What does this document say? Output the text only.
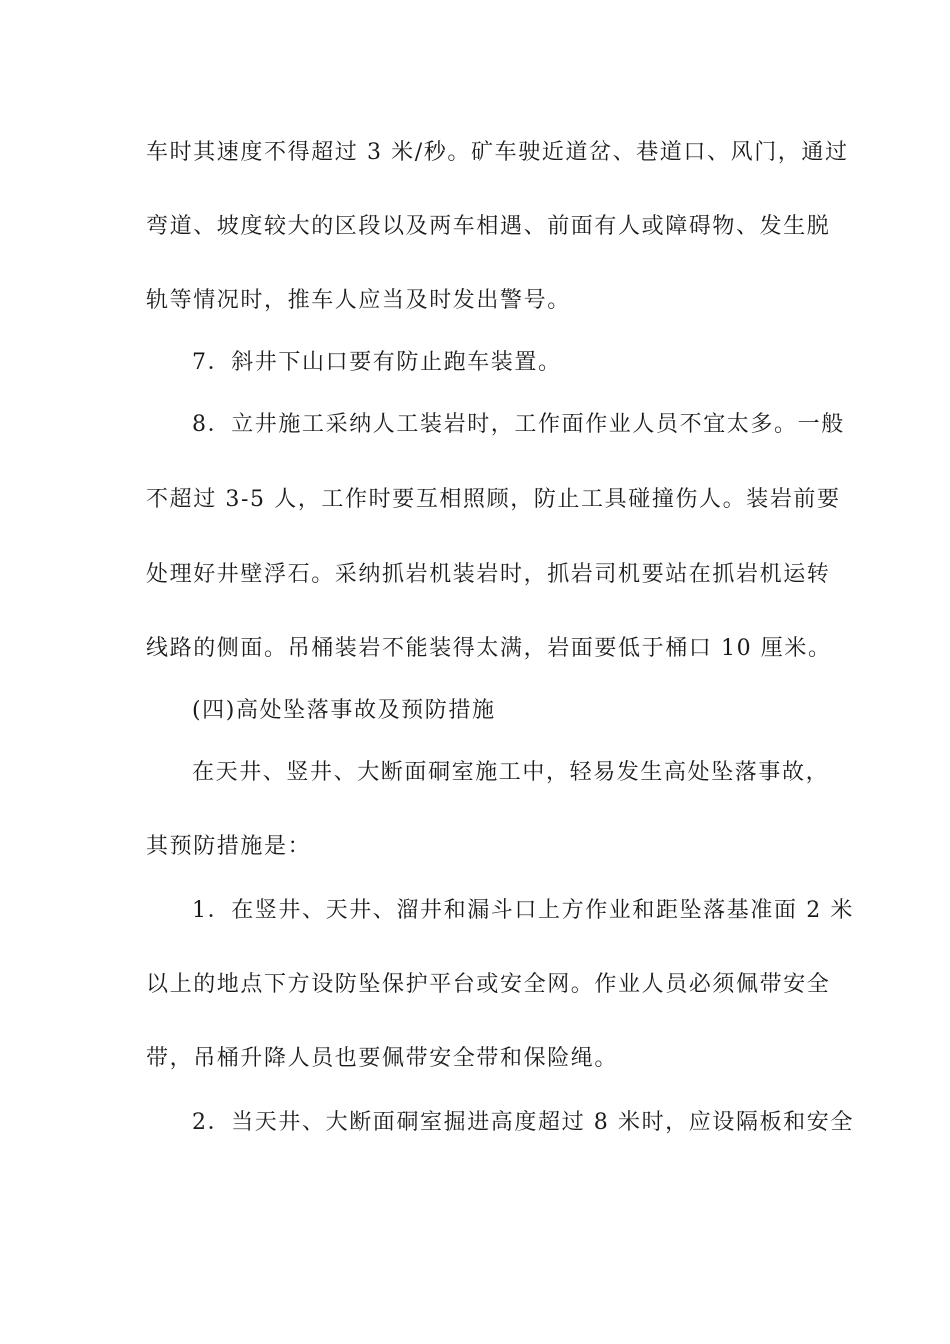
车时其速度不得超过 3 米/秒。矿车驶近道岔、巷道口、风门，通过
弯道、坡度较大的区段以及两车相遇、前面有人或障碍物、发生脱
轨等情况时，推车人应当及时发出警号。
7．斜井下山口要有防止跑车装置。
8．立井施工采纳人工装岩时，工作面作业人员不宜太多。一般
不超过 3-5 人，工作时要互相照顾，防止工具碰撞伤人。装岩前要
处理好井壁浮石。采纳抓岩机装岩时，抓岩司机要站在抓岩机运转
线路的侧面。吊桶装岩不能装得太满，岩面要低于桶口 10 厘米。
(四)高处坠落事故及预防措施
在天井、竖井、大断面硐室施工中，轻易发生高处坠落事故，
其预防措施是：
1．在竖井、天井、溜井和漏斗口上方作业和距坠落基准面 2 米
以上的地点下方设防坠保护平台或安全网。作业人员必须佩带安全
带，吊桶升降人员也要佩带安全带和保险绳。
2．当天井、大断面硐室掘进高度超过 8 米时，应设隔板和安全
